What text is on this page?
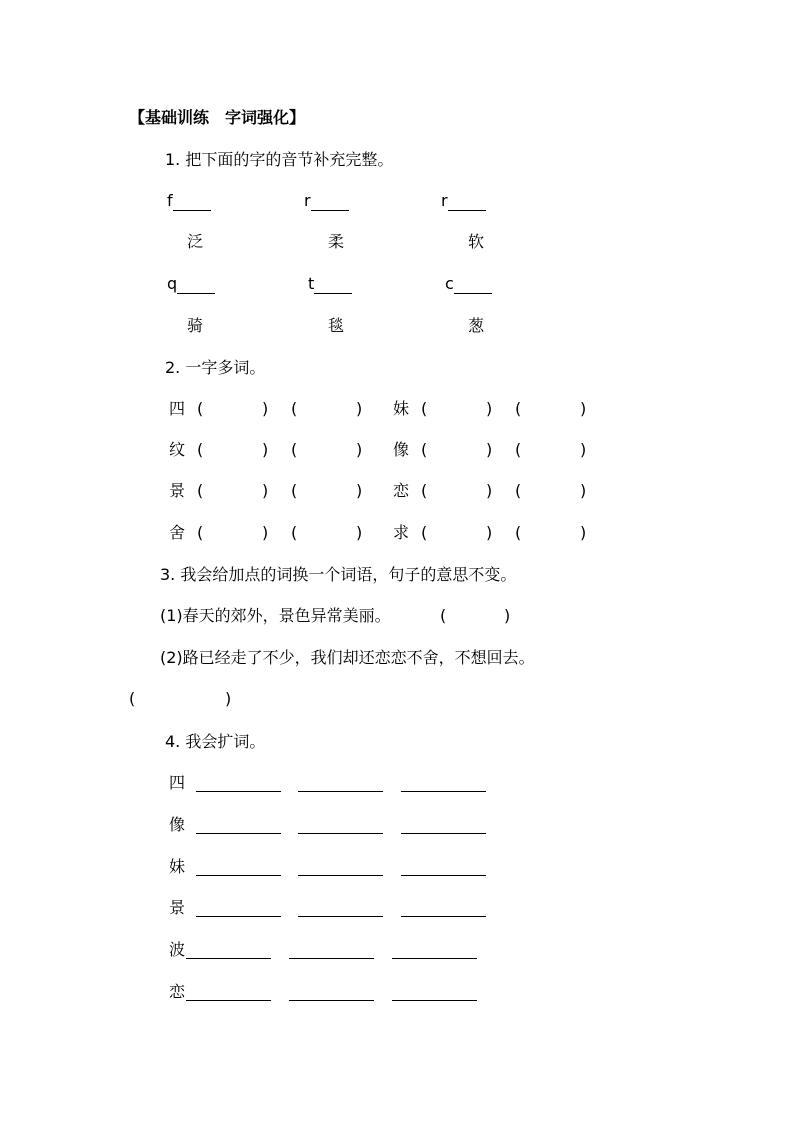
【基础训练　字词强化】
1. 把下面的字的音节补充完整。
f	r	r
泛	柔	软
q	t	c
骑	毯	葱
2. 一字多词。
四 (	) (	) 妹 (	) (	)
纹 (	) (	) 像 (	) (	)
景 (	) (	) 恋 (	) (	)
舍 (	) (	) 求 (	) (	)
3. 我会给加点的词换一个词语，句子的意思不变。
(1)春天的郊外，景色异常美丽。	(	)
(2)路已经走了不少，我们却还恋恋不舍，不想回去。
(	)
4. 我会扩词。
四
像
妹
景
波
恋
